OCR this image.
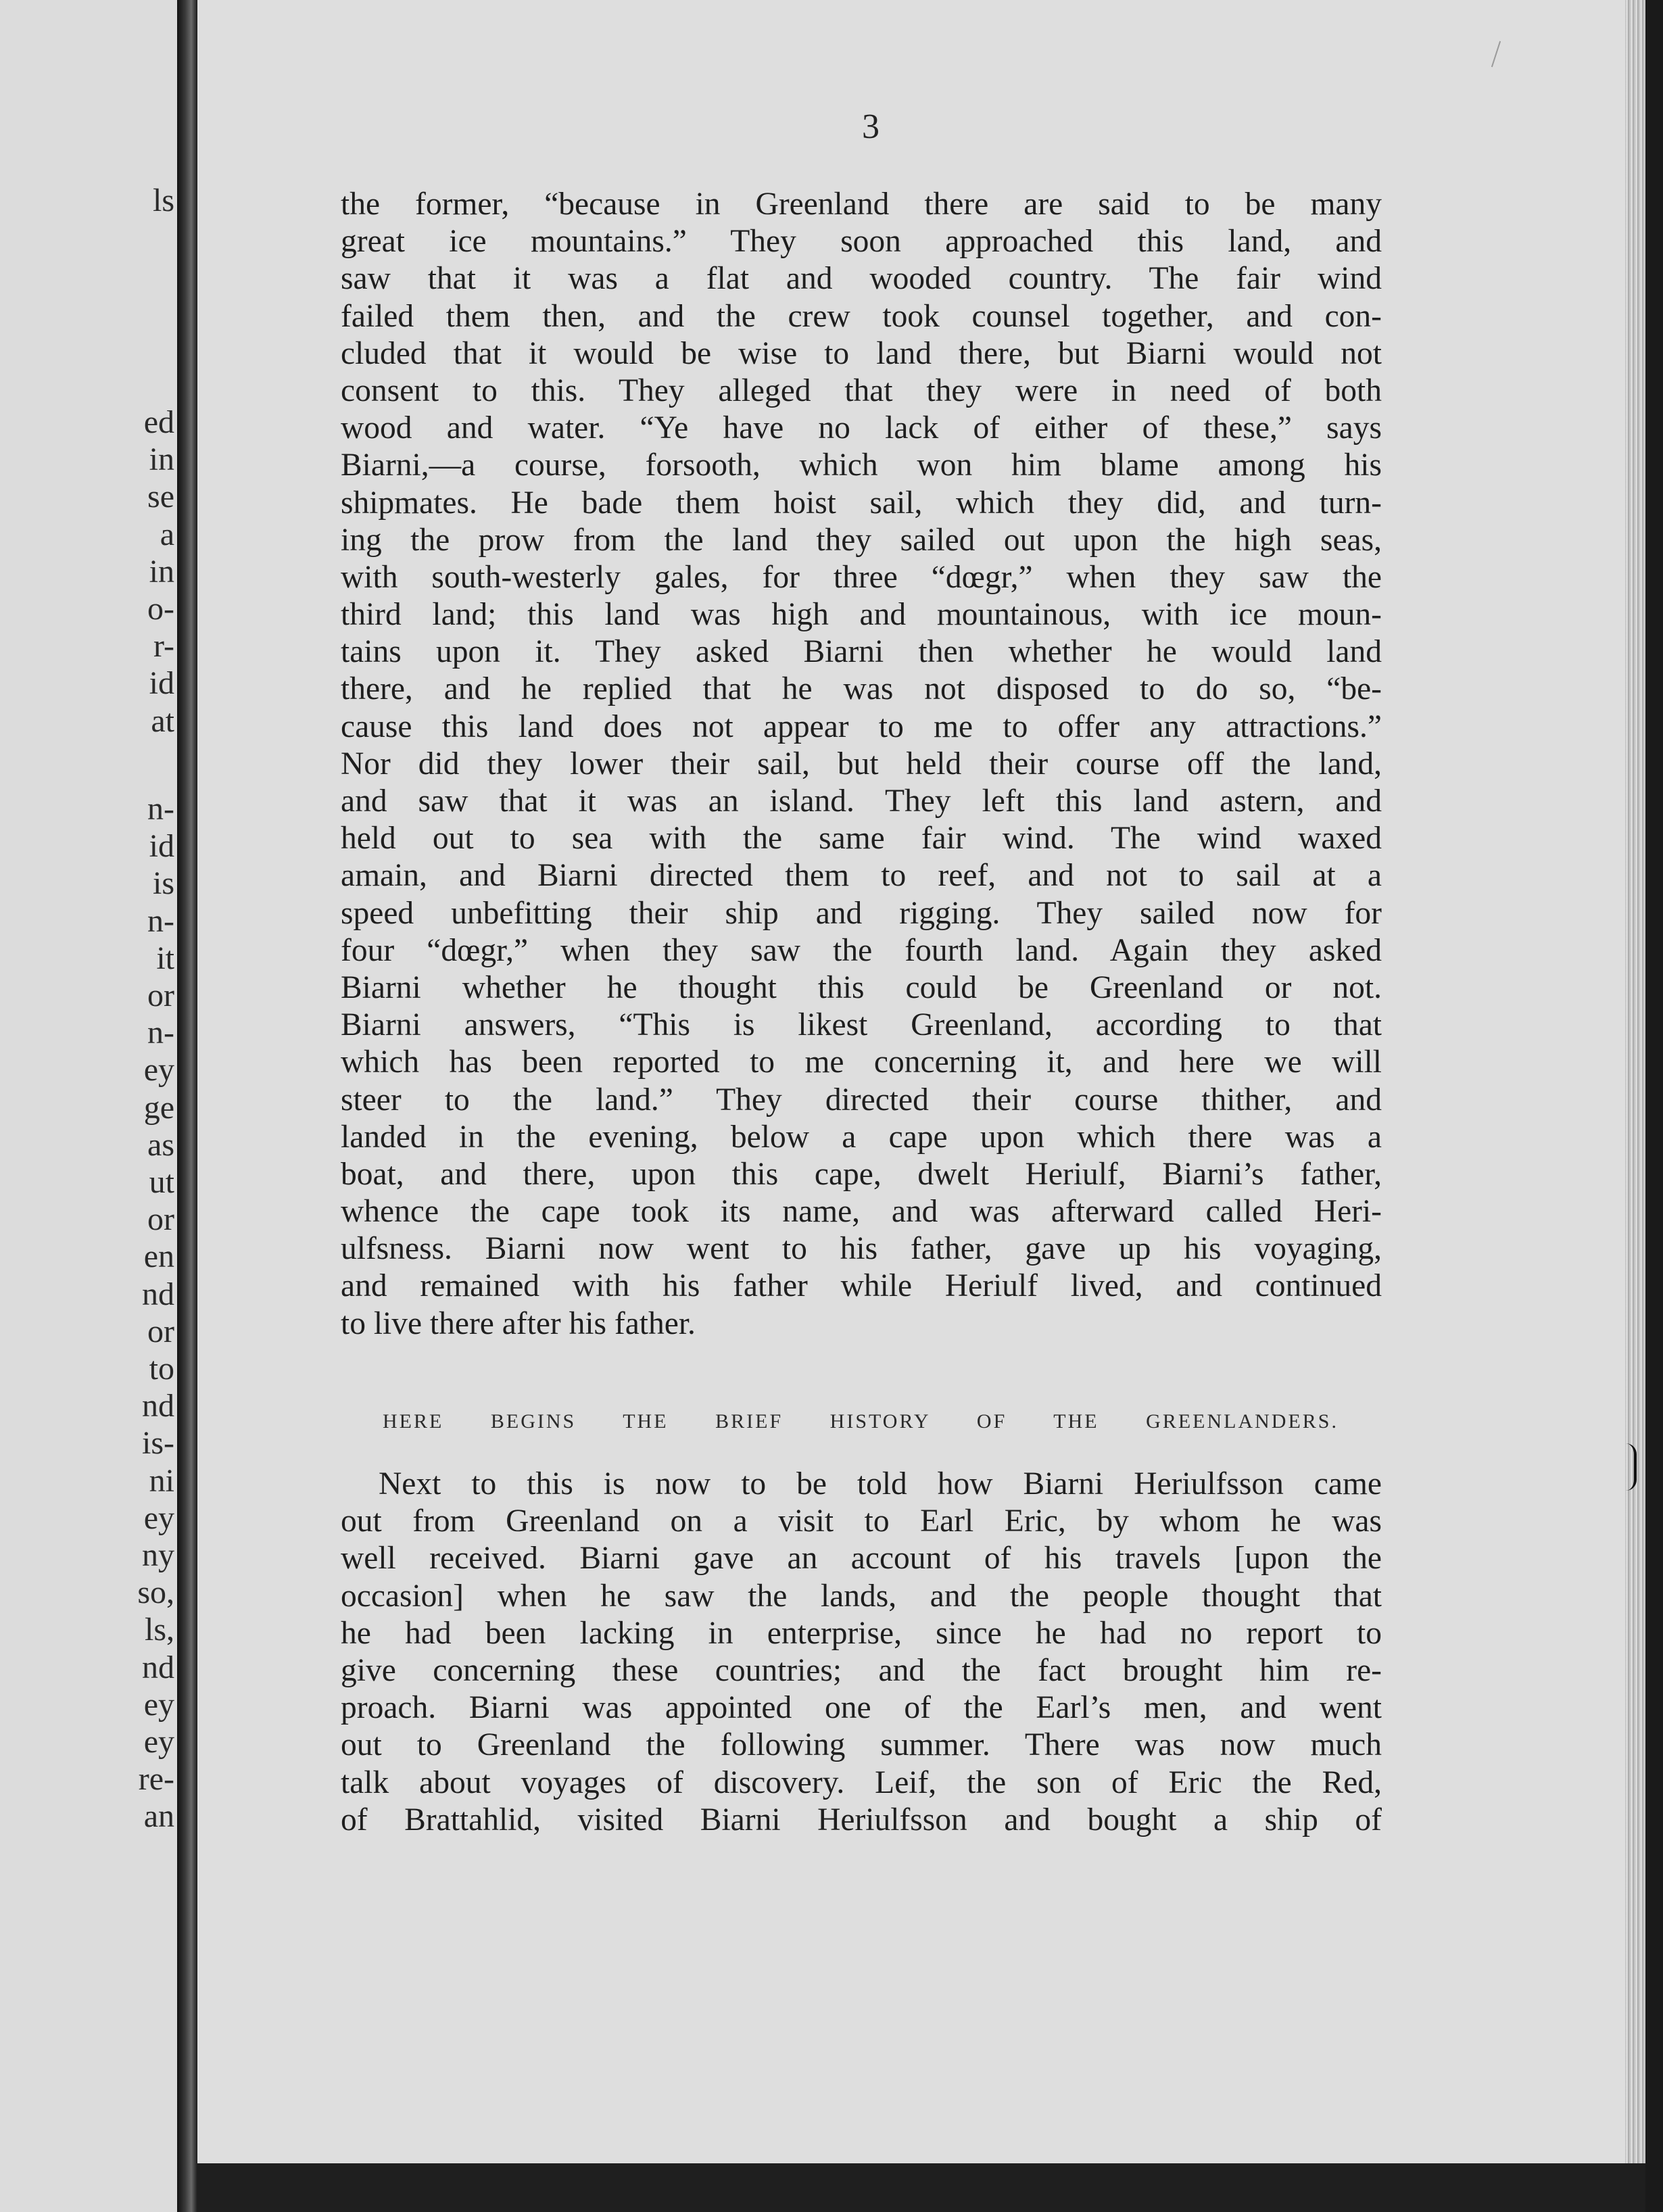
ls
ed
in
se
a
in
o-
r-
id
at
n-
id
is
n-
it
or
n-
ey
ge
as
ut
or
en
nd
or
to
nd
is-
ni
ey
ny
so,
ls,
nd
ey
ey
re-
an
3
the former, “because in Greenland there are said to be many
great ice mountains.” They soon approached this land, and
saw that it was a flat and wooded country. The fair wind
failed them then, and the crew took counsel together, and con-
cluded that it would be wise to land there, but Biarni would not
consent to this. They alleged that they were in need of both
wood and water. “Ye have no lack of either of these,” says
Biarni,—a course, forsooth, which won him blame among his
shipmates. He bade them hoist sail, which they did, and turn-
ing the prow from the land they sailed out upon the high seas,
with south-westerly gales, for three “dœgr,” when they saw the
third land; this land was high and mountainous, with ice moun-
tains upon it. They asked Biarni then whether he would land
there, and he replied that he was not disposed to do so, “be-
cause this land does not appear to me to offer any attractions.”
Nor did they lower their sail, but held their course off the land,
and saw that it was an island. They left this land astern, and
held out to sea with the same fair wind. The wind waxed
amain, and Biarni directed them to reef, and not to sail at a
speed unbefitting their ship and rigging. They sailed now for
four “dœgr,” when they saw the fourth land. Again they asked
Biarni whether he thought this could be Greenland or not.
Biarni answers, “This is likest Greenland, according to that
which has been reported to me concerning it, and here we will
steer to the land.” They directed their course thither, and
landed in the evening, below a cape upon which there was a
boat, and there, upon this cape, dwelt Heriulf, Biarni’s father,
whence the cape took its name, and was afterward called Heri-
ulfsness. Biarni now went to his father, gave up his voyaging,
and remained with his father while Heriulf lived, and continued
to live there after his father.
HERE BEGINS THE BRIEF HISTORY OF THE GREENLANDERS.
Next to this is now to be told how Biarni Heriulfsson came
out from Greenland on a visit to Earl Eric, by whom he was
well received. Biarni gave an account of his travels [upon the
occasion] when he saw the lands, and the people thought that
he had been lacking in enterprise, since he had no report to
give concerning these countries; and the fact brought him re-
proach. Biarni was appointed one of the Earl’s men, and went
out to Greenland the following summer. There was now much
talk about voyages of discovery. Leif, the son of Eric the Red,
of Brattahlid, visited Biarni Heriulfsson and bought a ship of
